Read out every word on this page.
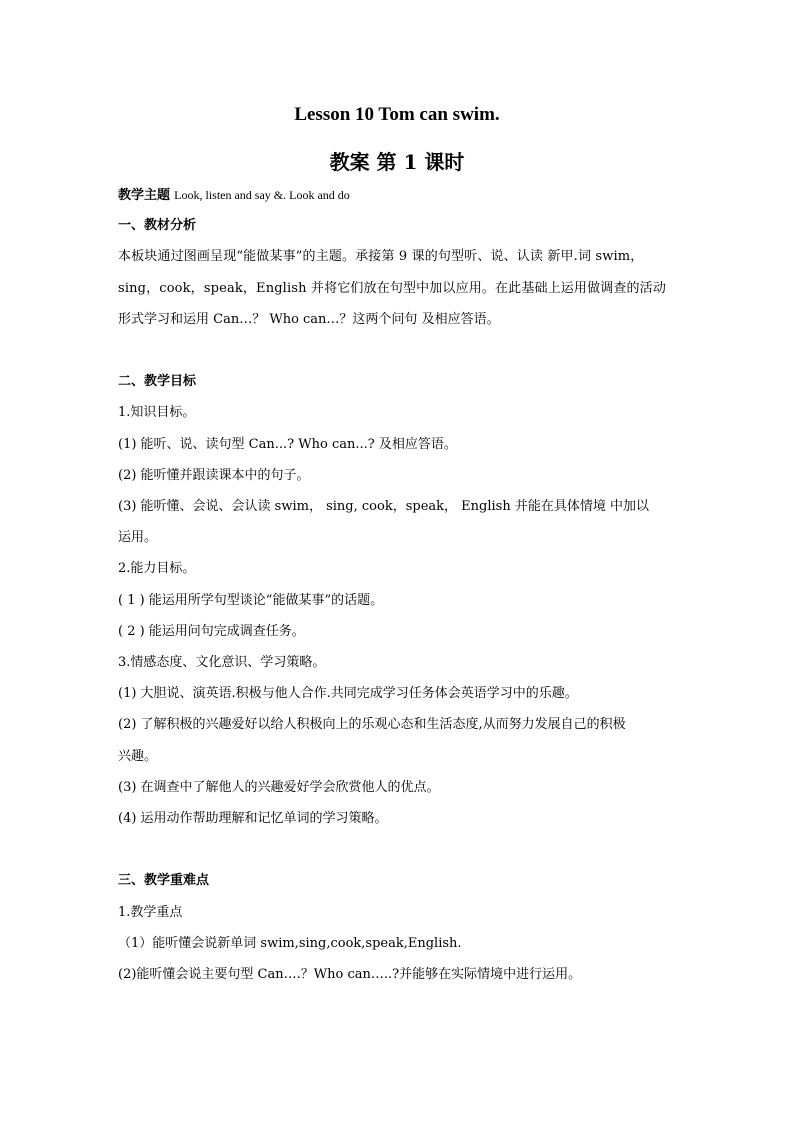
Lesson 10 Tom can swim.
教案 第 1 课时
教学主题 Look, listen and say &. Look and do
一、教材分析
本板块通过图画呈现“能做某事”的主题。承接第 9 课的句型听、说、认读 新甲.词 swim，
sing，cook，speak，English 并将它们放在句型中加以应用。在此基础上运用做调查的活动
形式学习和运用 Can…？ Who can…？这两个问句 及相应答语。
二、教学目标
1.知识目标。
(1) 能听、说、读句型 Can...? Who can...? 及相应答语。
(2) 能听懂并跟读课本中的句子。
(3) 能听懂、会说、会认读 swim， sing, cook，speak， English 并能在具体情境 中加以
运用。
2.能力目标。
( 1 ) 能运用所学句型谈论“能做某事”的话题。
( 2 ) 能运用问句完成调查任务。
3.情感态度、文化意识、学习策略。
(1) 大胆说、演英语.积极与他人合作.共同完成学习任务体会英语学习中的乐趣。
(2) 了解积极的兴趣爱好以给人积极向上的乐观心态和生活态度,从而努力发展自己的积极
兴趣。
(3) 在调查中了解他人的兴趣爱好学会欣赏他人的优点。
(4) 运用动作帮助理解和记忆单词的学习策略。
三、教学重难点
1.教学重点
（1）能听懂会说新单词 swim,sing,cook,speak,English.
(2)能听懂会说主要句型 Can….？Who can…..?并能够在实际情境中进行运用。
